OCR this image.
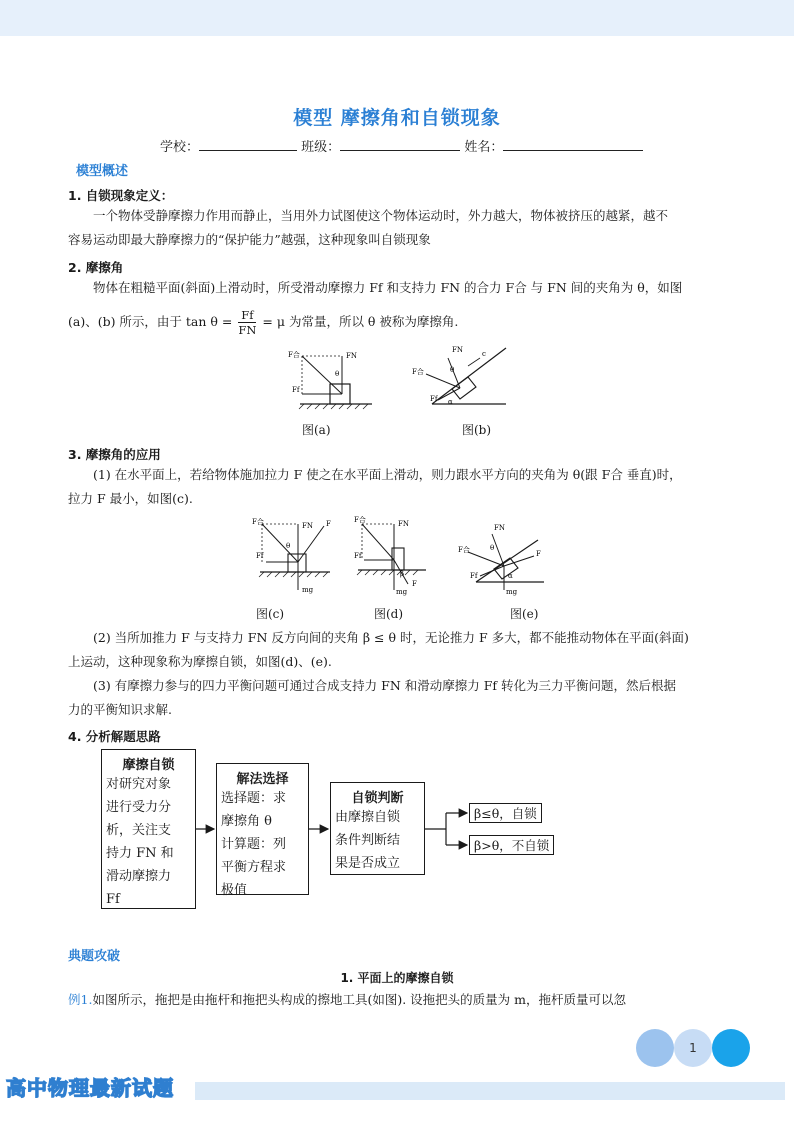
模型 摩擦角和自锁现象
学校：	班级：	姓名：
模型概述
1. 自锁现象定义：
一个物体受静摩擦力作用而静止，当用外力试图使这个物体运动时，外力越大，物体被挤压的越紧，越不
容易运动即最大静摩擦力的“保护能力”越强，这种现象叫自锁现象
2. 摩擦角
物体在粗糙平面(斜面)上滑动时，所受滑动摩擦力 Ff 和支持力 FN 的合力 F合 与 FN 间的夹角为 θ，如图
(a)、(b) 所示，由于 $\tan \theta = \frac{Ff}{FN} = \mu$ 为常量，所以 θ 被称为摩擦角.
F合	FN
Ff
θ
图(a)
FN
F合
Ff
θ
α
c
图(b)
3. 摩擦角的应用
(1) 在水平面上，若给物体施加拉力 F 使之在水平面上滑动，则力跟水平方向的夹角为 θ(跟 F合 垂直)时，
拉力 F 最小，如图(c).
F合	FN F
Ff
θ
mg
图(c)
F合	FN
Ff
β
F
mg
图(d)
FN
F合
Ff
F
θ
α
mg
图(e)
(2) 当所加推力 F 与支持力 FN 反方向间的夹角 β ≤ θ 时，无论推力 F 多大，都不能推动物体在平面(斜面)
上运动，这种现象称为摩擦自锁，如图(d)、(e).
(3) 有摩擦力参与的四力平衡问题可通过合成支持力 FN 和滑动摩擦力 Ff 转化为三力平衡问题，然后根据
力的平衡知识求解.
4. 分析解题思路
摩擦自锁
对研究对象
进行受力分
析，关注支
持力 FN 和
滑动摩擦力
Ff
解法选择
选择题：求
摩擦角 θ
计算题：列
平衡方程求
极值
自锁判断
由摩擦自锁
条件判断结
果是否成立
β≤θ，自锁
β>θ，不自锁
典题攻破
1. 平面上的摩擦自锁
例1.如图所示，拖把是由拖杆和拖把头构成的擦地工具(如图). 设拖把头的质量为 m，拖杆质量可以忽
1
高中物理最新试题
